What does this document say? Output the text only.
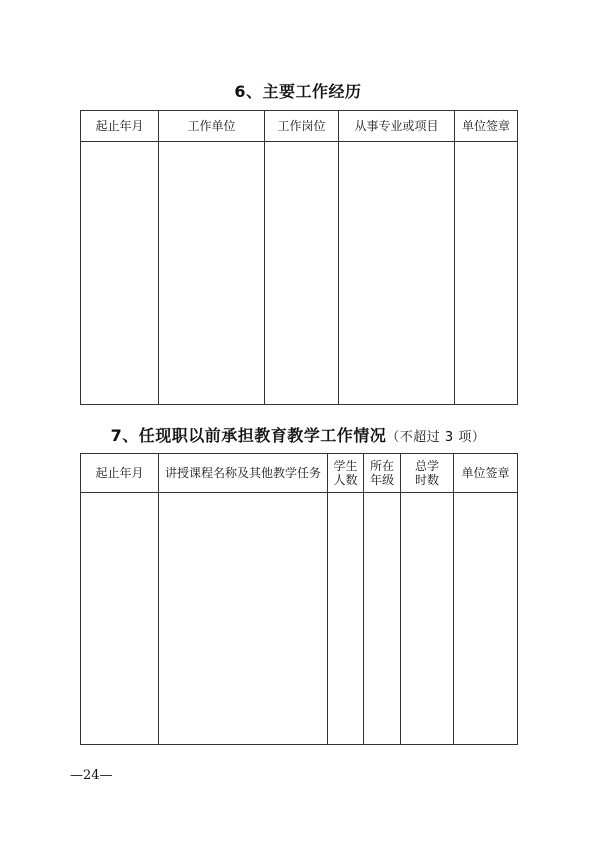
6、主要工作经历
起止年月	工作单位	工作岗位	从事专业或项目	单位签章

7、任现职以前承担教育教学工作情况（不超过 3 项）
起止年月	讲授课程名称及其他教学任务	学生人数	所在年级	总学时数	单位签章

—24—
